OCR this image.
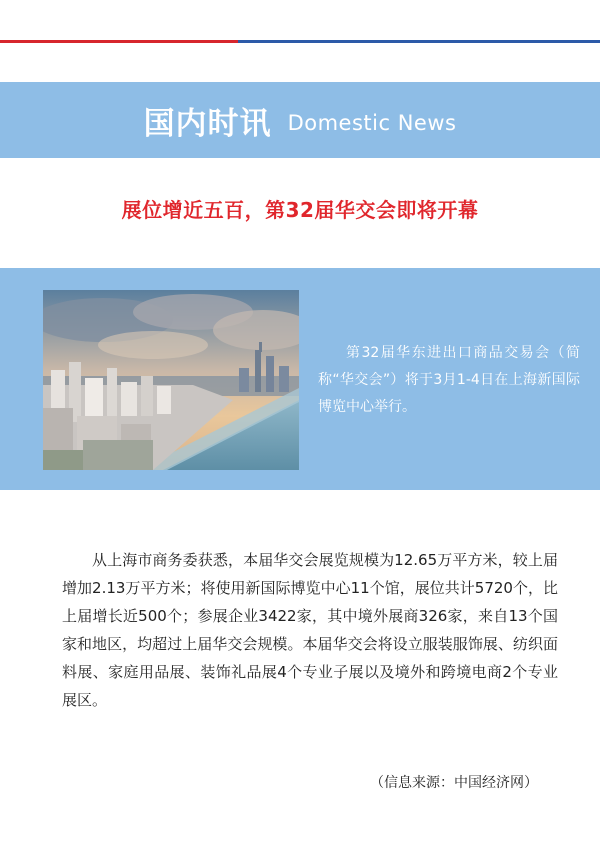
国内时讯 Domestic News
展位增近五百，第32届华交会即将开幕
第32届华东进出口商品交易会（简称“华交会”）将于3月1-4日在上海新国际博览中心举行。
从上海市商务委获悉，本届华交会展览规模为12.65万平方米，较上届增加2.13万平方米；将使用新国际博览中心11个馆，展位共计5720个，比上届增长近500个；参展企业3422家，其中境外展商326家，来自13个国家和地区，均超过上届华交会规模。本届华交会将设立服装服饰展、纺织面料展、家庭用品展、装饰礼品展4个专业子展以及境外和跨境电商2个专业展区。
（信息来源：中国经济网）
